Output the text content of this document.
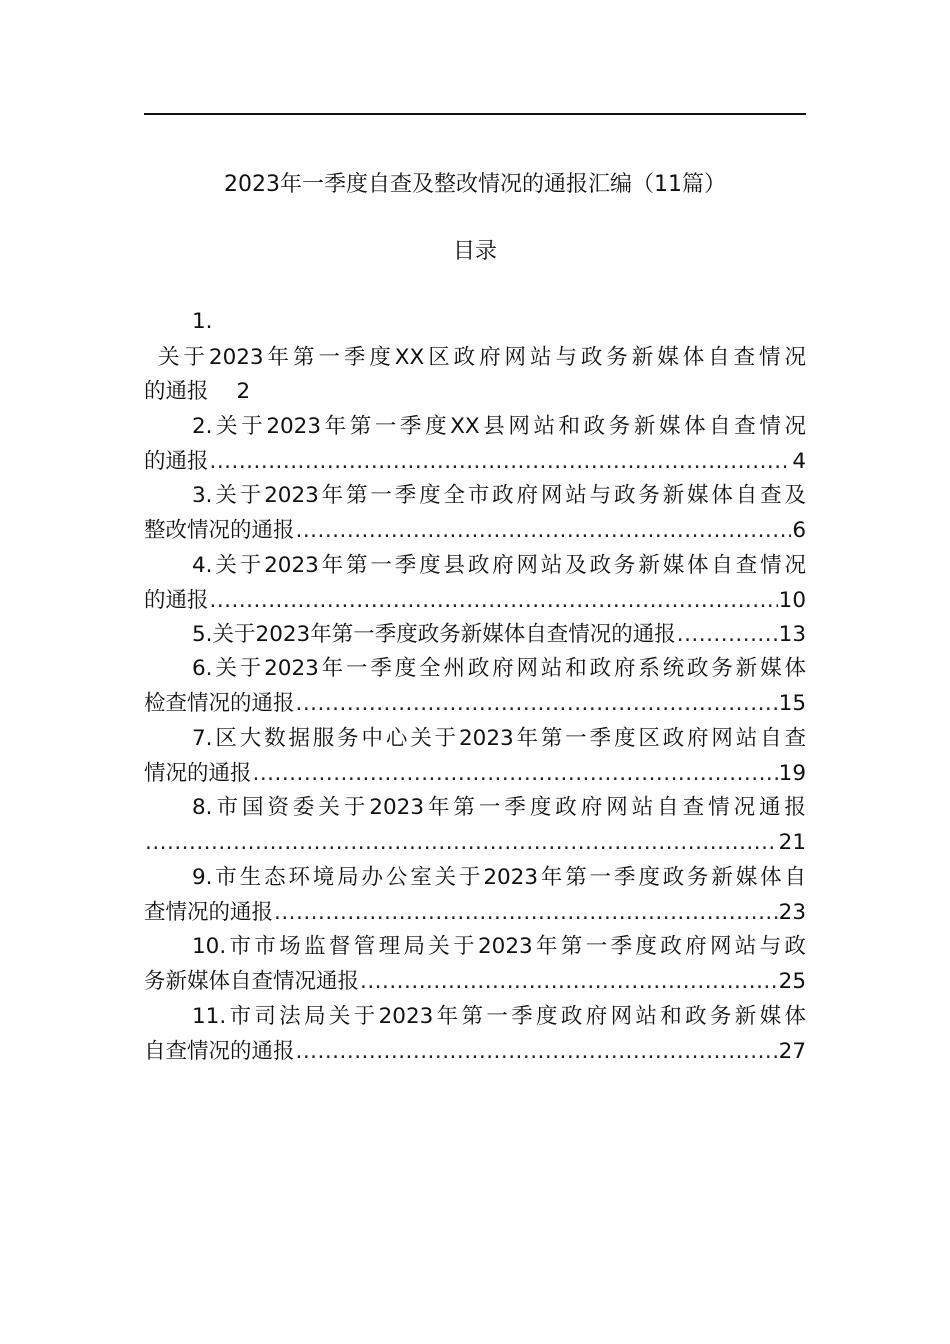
2023年一季度自查及整改情况的通报汇编（11篇）
目录
1.
关于2023年第一季度XX区政府网站与政务新媒体自查情况
的通报 2
2.关于2023年第一季度XX县网站和政务新媒体自查情况
的通报 .....	4
3.关于2023年第一季度全市政府网站与政务新媒体自查及
整改情况的通报 .....	6
4.关于2023年第一季度县政府网站及政务新媒体自查情况
的通报 .....	10
5.关于2023年第一季度政务新媒体自查情况的通报 .....	13
6.关于2023年一季度全州政府网站和政府系统政务新媒体
检查情况的通报 .....	15
7.区大数据服务中心关于2023年第一季度区政府网站自查
情况的通报 .....	19
8.市国资委关于2023年第一季度政府网站自查情况通报
.....
21
9.市生态环境局办公室关于2023年第一季度政务新媒体自
查情况的通报 .....	23
10.市市场监督管理局关于2023年第一季度政府网站与政
务新媒体自查情况通报 .....	25
11.市司法局关于2023年第一季度政府网站和政务新媒体
自查情况的通报 .....	27
